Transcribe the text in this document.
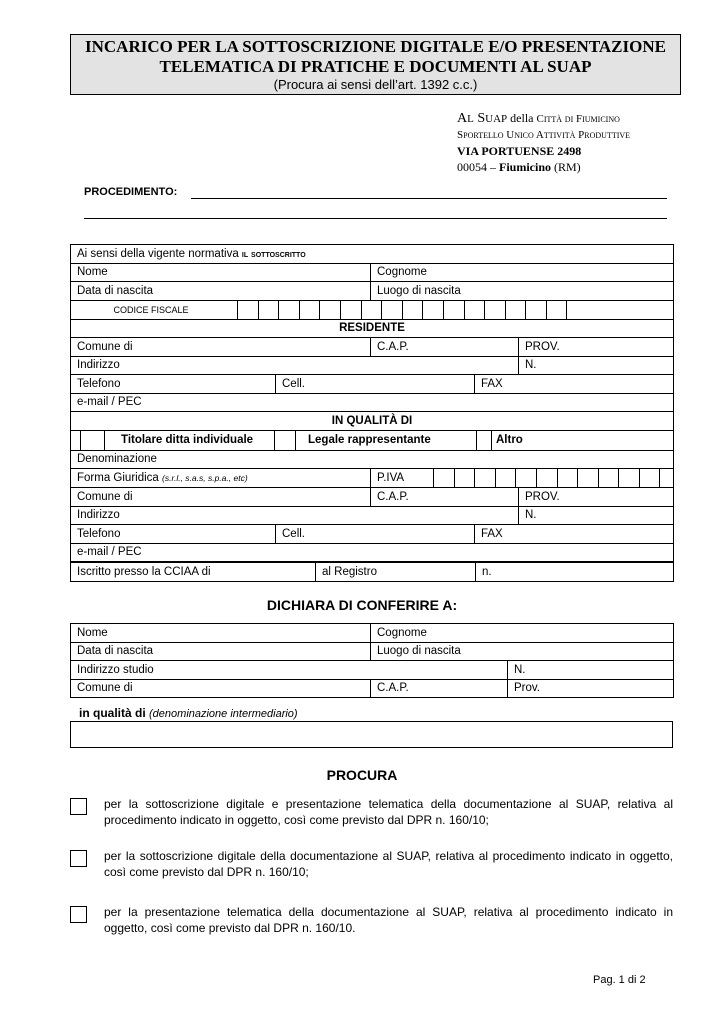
INCARICO PER LA SOTTOSCRIZIONE DIGITALE E/O PRESENTAZIONE
TELEMATICA DI PRATICHE E DOCUMENTI AL SUAP
(Procura ai sensi dell’art. 1392 c.c.)
AL SUAP della Città di Fiumicino
Sportello Unico Attività Produttive
VIA PORTUENSE 2498
00054 – Fiumicino (RM)
PROCEDIMENTO:
Ai sensi della vigente normativa il sottoscritto				
Nome		Cognome		
Data di nascita		Luogo di nascita		

CODICE FISCALE				

RESIDENTE				
Comune di		C.A.P.		PROV.
Indirizzo				N.
Telefono	Cell.		FAX	
e-mail / PEC				
IN QUALITÀ DI				

Titolare ditta individuale Legale rappresentante Altro				

Denominazione				
Forma Giuridica (s.r.l., s.a.s, s.p.a., etc)		P.IVA		

Comune di		C.A.P.		PROV.
Indirizzo				N.
Telefono	Cell.		FAX	
e-mail / PEC				
Iscritto presso la CCIAA di	al Registro	n.
DICHIARA DI CONFERIRE A:
Nome	Cognome	
Data di nascita	Luogo di nascita	
Indirizzo studio		N.
Comune di	C.A.P.	Prov.
in qualità di (denominazione intermediario)
PROCURA
per la sottoscrizione digitale e presentazione telematica della documentazione al SUAP, relativa al procedimento indicato in oggetto, così come previsto dal DPR n. 160/10;
per la sottoscrizione digitale della documentazione al SUAP, relativa al procedimento indicato in oggetto, così come previsto dal DPR n. 160/10;
per la presentazione telematica della documentazione al SUAP, relativa al procedimento indicato in oggetto, così come previsto dal DPR n. 160/10.
Pag. 1 di 2
